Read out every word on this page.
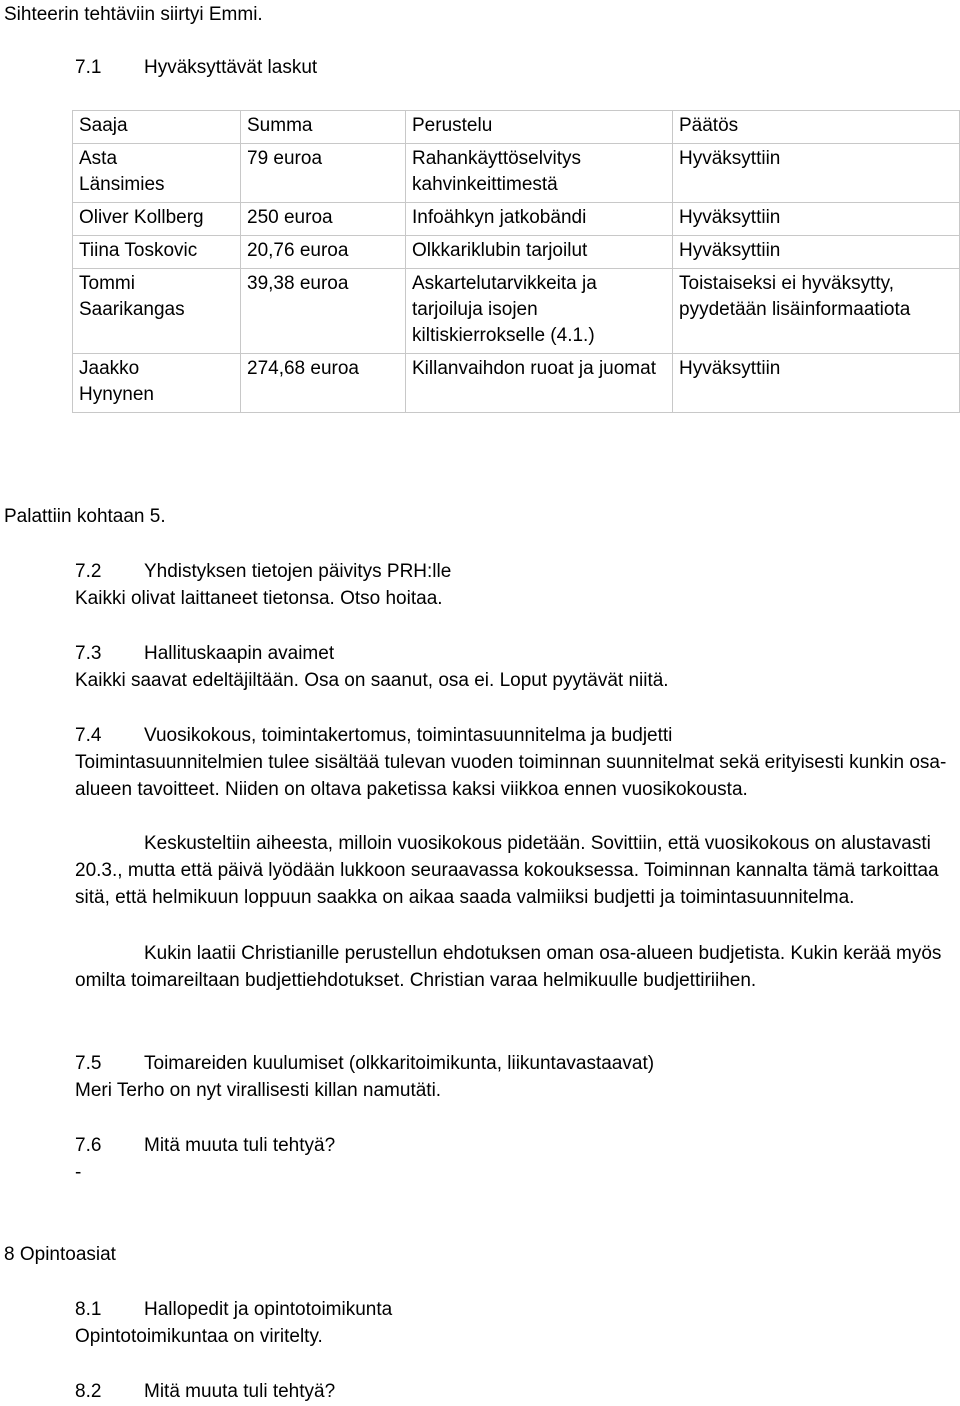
Sihteerin tehtäviin siirtyi Emmi.
7.1 Hyväksyttävät laskut
Saaja	Summa	Perustelu	Päätös

Asta Länsimies	79 euroa	Rahankäyttöselvitys kahvinkeittimestä	Hyväksyttiin
Oliver Kollberg	250 euroa	Infoähkyn jatkobändi	Hyväksyttiin
Tiina Toskovic	20,76 euroa	Olkkariklubin tarjoilut	Hyväksyttiin

Tommi Saarikangas	39,38 euroa	Askartelutarvikkeita ja tarjoiluja isojen kiltiskierrokselle (4.1.)	Toistaiseksi ei hyväksytty, pyydetään lisäinformaatiota

Jaakko Hynynen	274,68 euroa	Killanvaihdon ruoat ja juomat	Hyväksyttiin
Palattiin kohtaan 5.
7.2 Yhdistyksen tietojen päivitys PRH:lle
Kaikki olivat laittaneet tietonsa. Otso hoitaa.
7.3 Hallituskaapin avaimet
Kaikki saavat edeltäjiltään. Osa on saanut, osa ei. Loput pyytävät niitä.
7.4 Vuosikokous, toimintakertomus, toimintasuunnitelma ja budjetti
Toimintasuunnitelmien tulee sisältää tulevan vuoden toiminnan suunnitelmat sekä erityisesti kunkin osa-alueen tavoitteet. Niiden on oltava paketissa kaksi viikkoa ennen vuosikokousta.
Keskusteltiin aiheesta, milloin vuosikokous pidetään. Sovittiin, että vuosikokous on alustavasti 20.3., mutta että päivä lyödään lukkoon seuraavassa kokouksessa. Toiminnan kannalta tämä tarkoittaa sitä, että helmikuun loppuun saakka on aikaa saada valmiiksi budjetti ja toimintasuunnitelma.
Kukin laatii Christianille perustellun ehdotuksen oman osa-alueen budjetista. Kukin kerää myös omilta toimareiltaan budjettiehdotukset. Christian varaa helmikuulle budjettiriihen.
7.5 Toimareiden kuulumiset (olkkaritoimikunta, liikuntavastaavat)
Meri Terho on nyt virallisesti killan namutäti.
7.6 Mitä muuta tuli tehtyä?
-
8 Opintoasiat
8.1 Hallopedit ja opintotoimikunta
Opintotoimikuntaa on viritelty.
8.2 Mitä muuta tuli tehtyä?
